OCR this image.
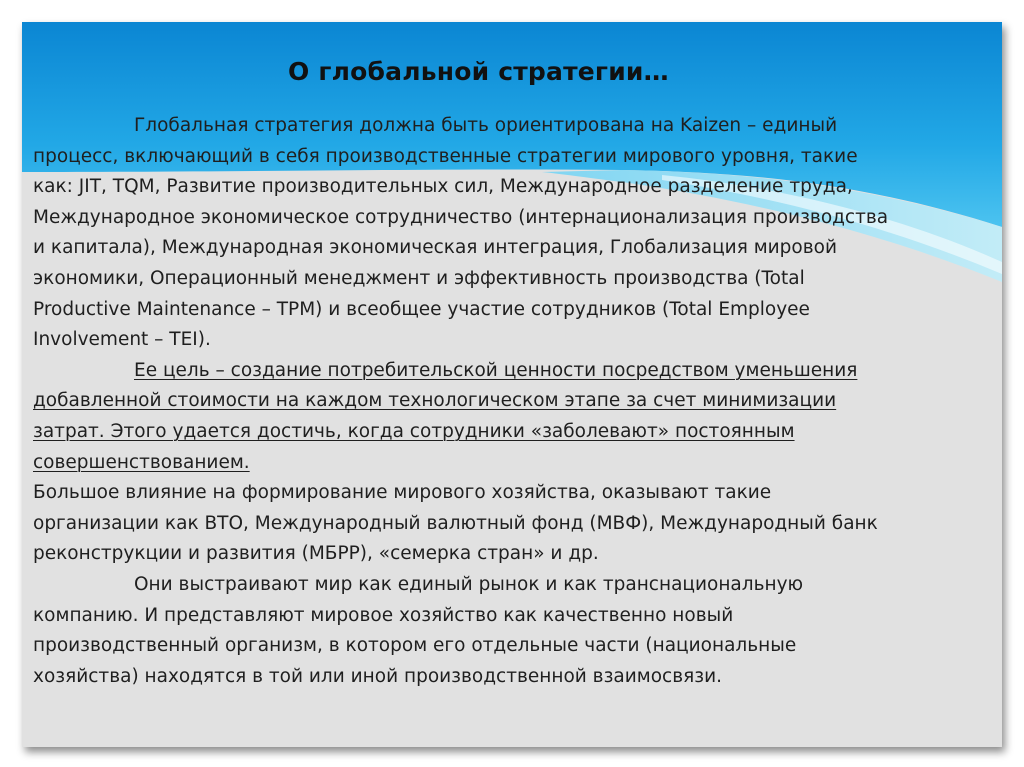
О глобальной стратегии…
Глобальная стратегия должна быть ориентирована на Kaizen – единый
процесс, включающий в себя производственные стратегии мирового уровня, такие
как: JIT, TQM, Развитие производительных сил, Международное разделение труда,
Международное экономическое сотрудничество (интернационализация производства
и капитала), Международная экономическая интеграция, Глобализация мировой
экономики, Операционный менеджмент и эффективность производства (Total
Productive Maintenance – TPM) и всеобщее участие сотрудников (Total Employee
Involvement – TEI).
Ее цель – создание потребительской ценности посредством уменьшения
добавленной стоимости на каждом технологическом этапе за счет минимизации
затрат. Этого удается достичь, когда сотрудники «заболевают» постоянным
совершенствованием.
Большое влияние на формирование мирового хозяйства, оказывают такие
организации как ВТО, Международный валютный фонд (МВФ), Международный банк
реконструкции и развития (МБРР), «семерка стран» и др.
Они выстраивают мир как единый рынок и как транснациональную
компанию. И представляют мировое хозяйство как качественно новый
производственный организм, в котором его отдельные части (национальные
хозяйства) находятся в той или иной производственной взаимосвязи.
